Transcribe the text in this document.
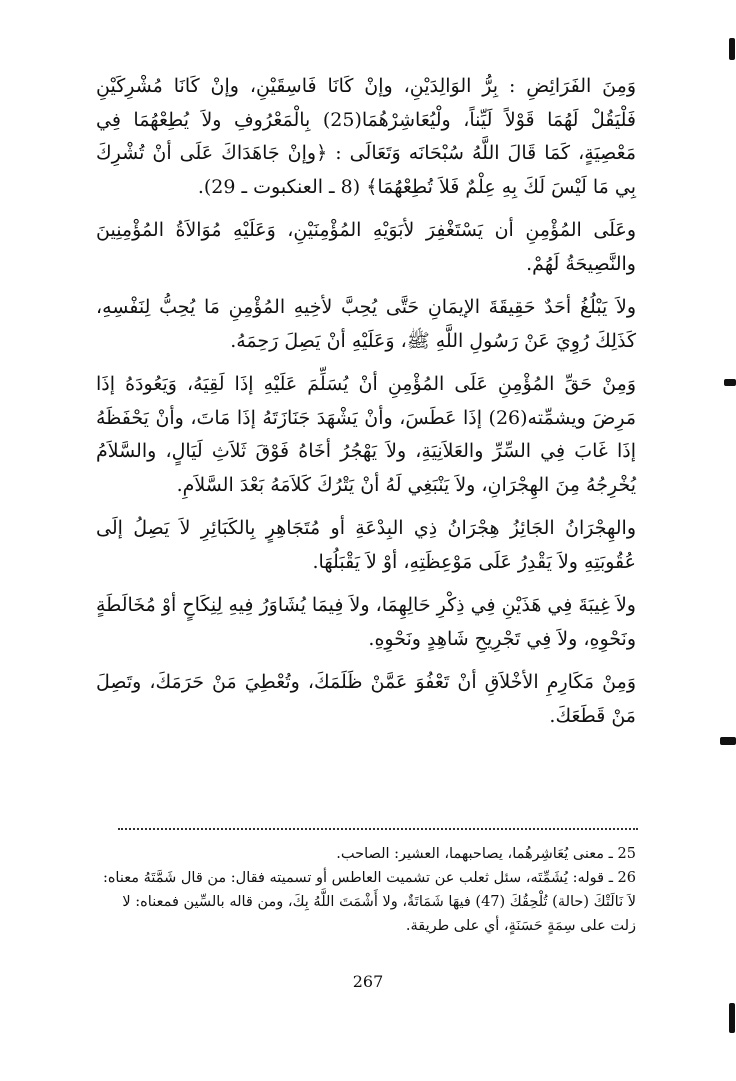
وَمِنَ الفَرَائِضِ : بِرُّ الوَالِدَيْنِ، وإنْ كَانَا فَاسِقَيْنِ، وإنْ كَانَا مُشْرِكَيْنِ فَلْيَقُلْ لَهُمَا قَوْلاً لَيِّناً، ولْيُعَاشِرْهُمَا(25) بِالْمَعْرُوفِ ولاَ يُطِعْهُمَا فِي مَعْصِيَةٍ، كَمَا قَالَ اللَّهُ سُبْحَانَه وَتَعَالَى : ﴿وإنْ جَاهَدَاكَ عَلَى أنْ تُشْرِكَ بِي مَا لَيْسَ لَكَ بِهِ عِلْمٌ فَلاَ تُطِعْهُمَا﴾ (8 ـ العنكبوت ـ 29).

وعَلَى المُؤْمِنِ أن يَسْتَغْفِرَ لأبَوَيْهِ المُؤْمِنَيْنِ، وَعَلَيْهِ مُوَالاَةُ المُؤْمِنِينَ والنَّصِيحَةُ لَهُمْ.

ولاَ يَبْلُغُ أحَدٌ حَقِيقَةَ الإيمَانِ حَتَّى يُحِبَّ لأخِيهِ المُؤْمِنِ مَا يُحِبُّ لِنَفْسِهِ، كَذَلِكَ رُوِيَ عَنْ رَسُولِ اللَّهِ ﷺ، وَعَلَيْهِ أنْ يَصِلَ رَحِمَهُ.

وَمِنْ حَقِّ المُؤْمِنِ عَلَى المُؤْمِنِ أنْ يُسَلِّمَ عَلَيْهِ إذَا لَقِيَهُ، وَيَعُودَهُ إذَا مَرِضَ ويشمِّته(26) إذَا عَطَسَ، وأنْ يَشْهَدَ جَنَازَتَهُ إذَا مَاتَ، وأنْ يَحْفَظَهُ إذَا غَابَ فِي السِّرِّ والعَلاَنِيَةِ، ولاَ يَهْجُرُ أخَاهُ فَوْقَ ثَلاَثِ لَيَالٍ، والسَّلاَمُ يُخْرِجُهُ مِنَ الهِجْرَانِ، ولاَ يَنْبَغِي لَهُ أنْ يَتْرُكَ كَلاَمَهُ بَعْدَ السَّلاَمِ.

والهِجْرَانُ الجَائِزُ هِجْرَانُ ذِي البِدْعَةِ أو مُتَجَاهِرٍ بِالكَبَائِرِ لاَ يَصِلُ إلَى عُقُوبَتِهِ ولاَ يَقْدِرُ عَلَى مَوْعِظَتِهِ، أوْ لاَ يَقْبَلُهَا.

ولاَ غِيبَةَ فِي هَذَيْنِ فِي ذِكْرِ حَالِهِمَا، ولاَ فِيمَا يُشَاوَرُ فِيهِ لِنِكَاحٍ أوْ مُخَالَطَةٍ ونَحْوِهِ، ولاَ فِي تَجْرِيحِ شَاهِدٍ ونَحْوِهِ.

وَمِنْ مَكَارِمِ الأخْلاَقِ أنْ تَعْفُوَ عَمَّنْ ظَلَمَكَ، وتُعْطِيَ مَنْ حَرَمَكَ، وتَصِلَ مَنْ قَطَعَكَ.

25 ـ معنى يُعَاشِرهُما، يصاحبهما، العشير: الصاحب.

26 ـ قوله: يُشَمِّتَه، سئل ثعلب عن تشميت العاطس أو تسميته فقال: من قال شَمَّتَهُ معناه: لاَ نَالَتْكَ (حالة) تُلْحِقُكَ (47) فيهَا شَمَاتَةٌ، ولا أَشْمَتَ اللَّهُ بِكَ، ومن قاله بالسِّين فمعناه: لا زلت على سِمَةٍ حَسَنَةٍ، أي على طريقة.

267
